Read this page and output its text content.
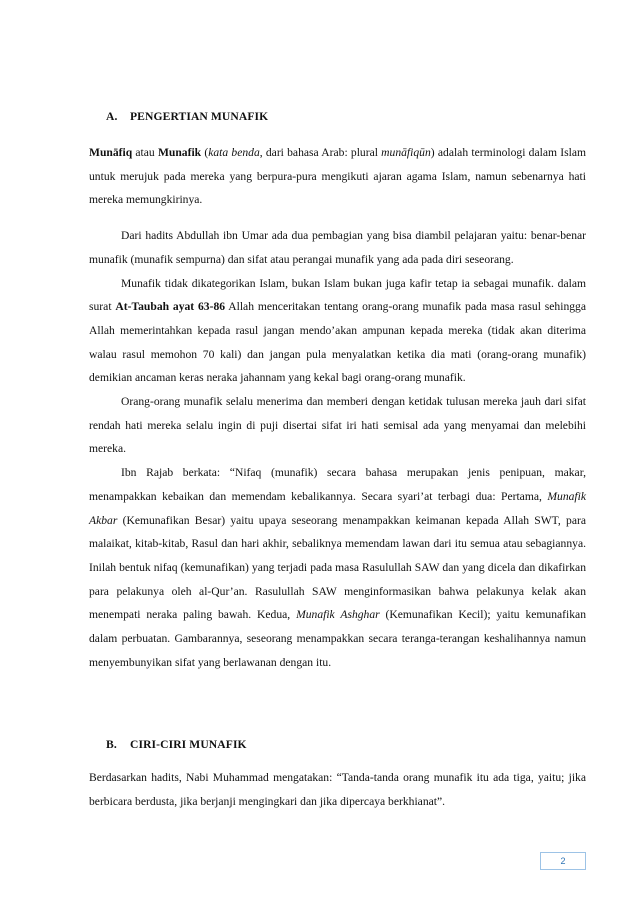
A. PENGERTIAN MUNAFIK

Munāfiq atau Munafik (kata benda, dari bahasa Arab: plural munāfiqūn) adalah terminologi dalam Islam untuk merujuk pada mereka yang berpura-pura mengikuti ajaran agama Islam, namun sebenarnya hati mereka memungkirinya.

Dari hadits Abdullah ibn Umar ada dua pembagian yang bisa diambil pelajaran yaitu: benar-benar munafik (munafik sempurna) dan sifat atau perangai munafik yang ada pada diri seseorang.

Munafik tidak dikategorikan Islam, bukan Islam bukan juga kafir tetap ia sebagai munafik. dalam surat At-Taubah ayat 63-86 Allah menceritakan tentang orang-orang munafik pada masa rasul sehingga Allah memerintahkan kepada rasul jangan mendo’akan ampunan kepada mereka (tidak akan diterima walau rasul memohon 70 kali) dan jangan pula menyalatkan ketika dia mati (orang-orang munafik) demikian ancaman keras neraka jahannam yang kekal bagi orang-orang munafik.

Orang-orang munafik selalu menerima dan memberi dengan ketidak tulusan mereka jauh dari sifat rendah hati mereka selalu ingin di puji disertai sifat iri hati semisal ada yang menyamai dan melebihi mereka.

Ibn Rajab berkata: “Nifaq (munafik) secara bahasa merupakan jenis penipuan, makar, menampakkan kebaikan dan memendam kebalikannya. Secara syari’at terbagi dua: Pertama, Munafik Akbar (Kemunafikan Besar) yaitu upaya seseorang menampakkan keimanan kepada Allah SWT, para malaikat, kitab-kitab, Rasul dan hari akhir, sebaliknya memendam lawan dari itu semua atau sebagiannya. Inilah bentuk nifaq (kemunafikan) yang terjadi pada masa Rasulullah SAW dan yang dicela dan dikafirkan para pelakunya oleh al-Qur’an. Rasulullah SAW menginformasikan bahwa pelakunya kelak akan menempati neraka paling bawah. Kedua, Munafik Ashghar (Kemunafikan Kecil); yaitu kemunafikan dalam perbuatan. Gambarannya, seseorang menampakkan secara teranga-terangan keshalihannya namun menyembunyikan sifat yang berlawanan dengan itu.

B. CIRI-CIRI MUNAFIK

Berdasarkan hadits, Nabi Muhammad mengatakan: “Tanda-tanda orang munafik itu ada tiga, yaitu; jika berbicara berdusta, jika berjanji mengingkari dan jika dipercaya berkhianat”.

2
